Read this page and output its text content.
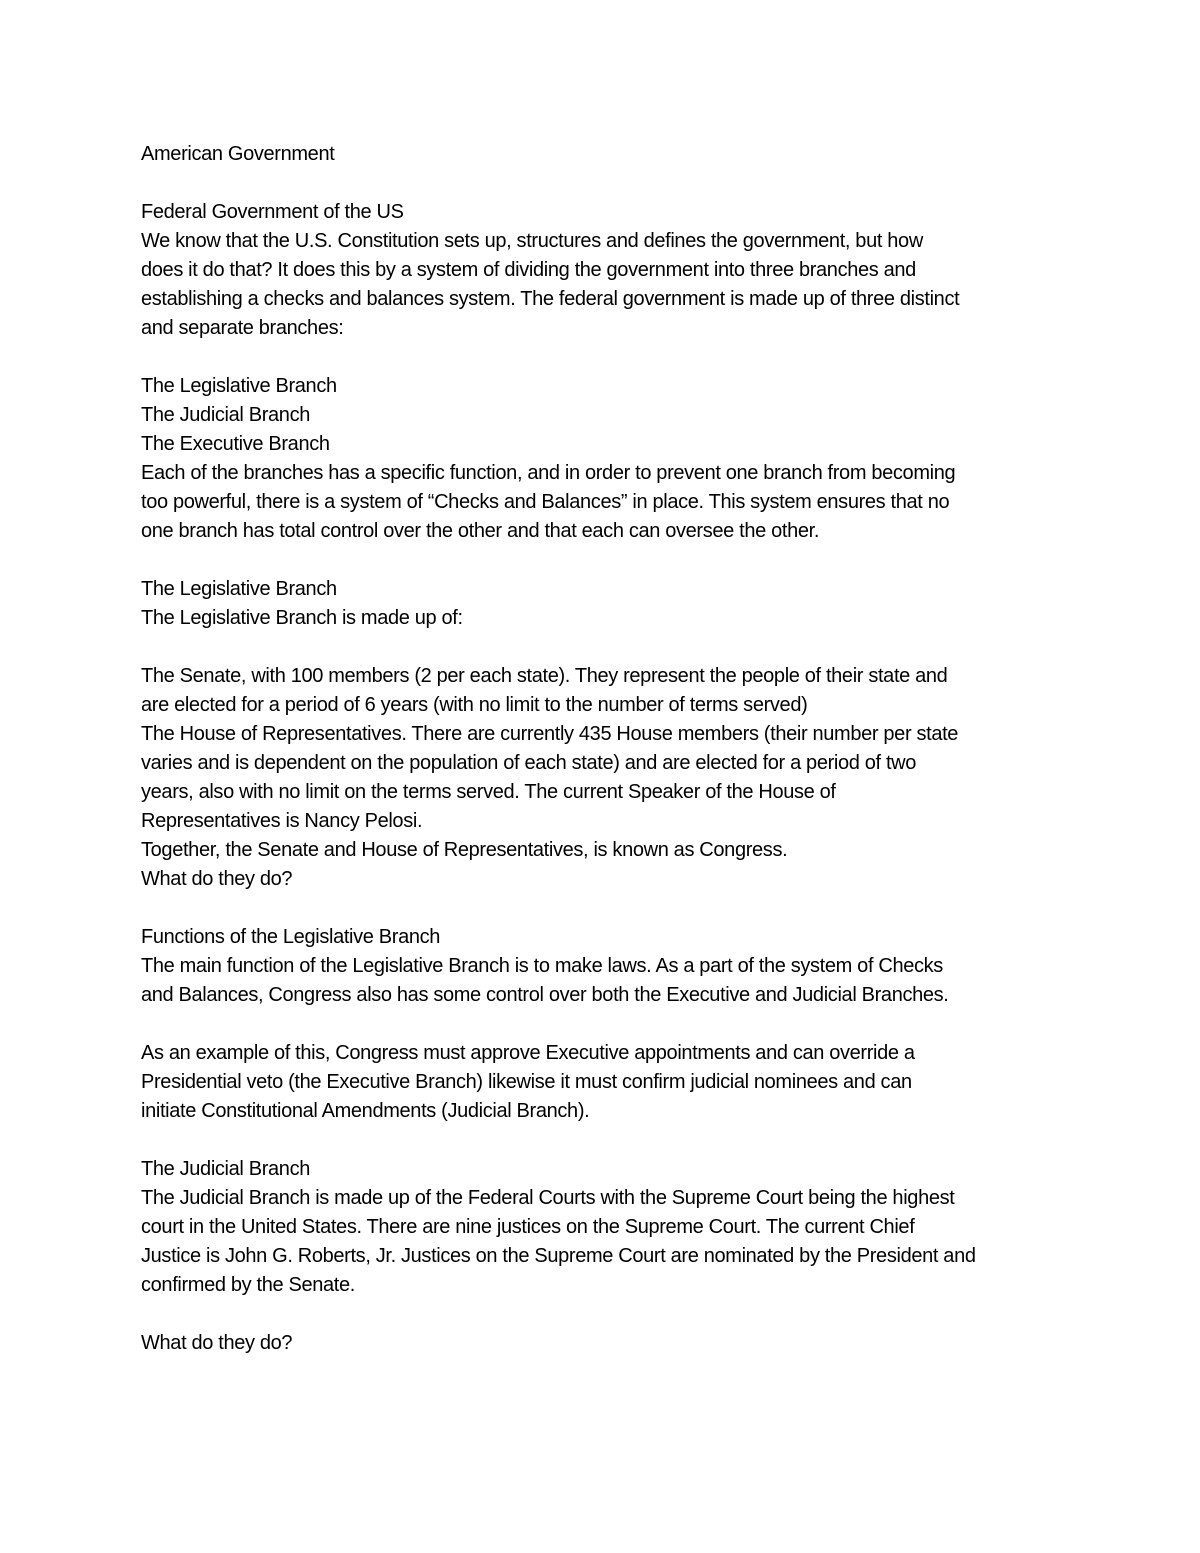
American Government

Federal Government of the US

We know that the U.S. Constitution sets up, structures and defines the government, but how

does it do that? It does this by a system of dividing the government into three branches and

establishing a checks and balances system. The federal government is made up of three distinct

and separate branches:

The Legislative Branch

The Judicial Branch

The Executive Branch

Each of the branches has a specific function, and in order to prevent one branch from becoming

too powerful, there is a system of “Checks and Balances” in place. This system ensures that no

one branch has total control over the other and that each can oversee the other.

The Legislative Branch

The Legislative Branch is made up of:

The Senate, with 100 members (2 per each state). They represent the people of their state and

are elected for a period of 6 years (with no limit to the number of terms served)

The House of Representatives. There are currently 435 House members (their number per state

varies and is dependent on the population of each state) and are elected for a period of two

years, also with no limit on the terms served. The current Speaker of the House of

Representatives is Nancy Pelosi.

Together, the Senate and House of Representatives, is known as Congress.

What do they do?

Functions of the Legislative Branch

The main function of the Legislative Branch is to make laws. As a part of the system of Checks

and Balances, Congress also has some control over both the Executive and Judicial Branches.

As an example of this, Congress must approve Executive appointments and can override a

Presidential veto (the Executive Branch) likewise it must confirm judicial nominees and can

initiate Constitutional Amendments (Judicial Branch).

The Judicial Branch

The Judicial Branch is made up of the Federal Courts with the Supreme Court being the highest

court in the United States. There are nine justices on the Supreme Court. The current Chief

Justice is John G. Roberts, Jr. Justices on the Supreme Court are nominated by the President and

confirmed by the Senate.

What do they do?
